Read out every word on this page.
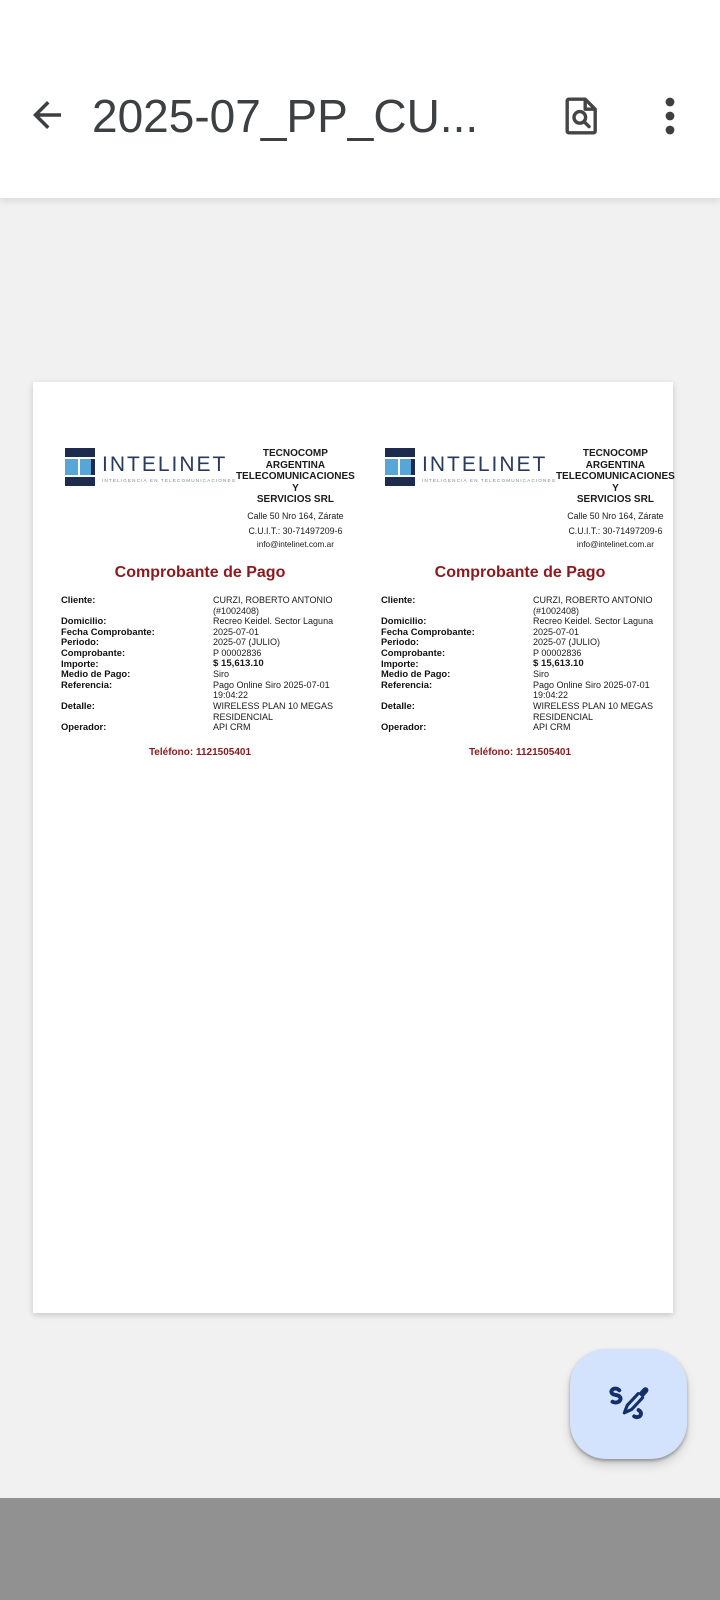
2025-07_PP_CU...
INTELINET
INTELIGENCIA EN TELECOMUNICACIONES
TECNOCOMP ARGENTINA
TELECOMUNICACIONES Y
SERVICIOS SRL
Calle 50 Nro 164, Zárate
C.U.I.T.: 30-71497209-6
info@intelinet.com.ar
Comprobante de Pago
Cliente:	CURZI, ROBERTO ANTONIO (#1002408)
Domicilio:	Recreo Keidel. Sector Laguna
Fecha Comprobante:	2025-07-01
Periodo:	2025-07 (JULIO)
Comprobante:	P 00002836
Importe:	$ 15,613.10
Medio de Pago:	Siro
Referencia:	Pago Online Siro 2025-07-01 19:04:22
Detalle:	WIRELESS PLAN 10 MEGAS RESIDENCIAL
Operador:	API CRM
Teléfono: 1121505401
INTELINET
INTELIGENCIA EN TELECOMUNICACIONES
TECNOCOMP ARGENTINA
TELECOMUNICACIONES Y
SERVICIOS SRL
Calle 50 Nro 164, Zárate
C.U.I.T.: 30-71497209-6
info@intelinet.com.ar
Comprobante de Pago
Cliente:	CURZI, ROBERTO ANTONIO (#1002408)
Domicilio:	Recreo Keidel. Sector Laguna
Fecha Comprobante:	2025-07-01
Periodo:	2025-07 (JULIO)
Comprobante:	P 00002836
Importe:	$ 15,613.10
Medio de Pago:	Siro
Referencia:	Pago Online Siro 2025-07-01 19:04:22
Detalle:	WIRELESS PLAN 10 MEGAS RESIDENCIAL
Operador:	API CRM
Teléfono: 1121505401
